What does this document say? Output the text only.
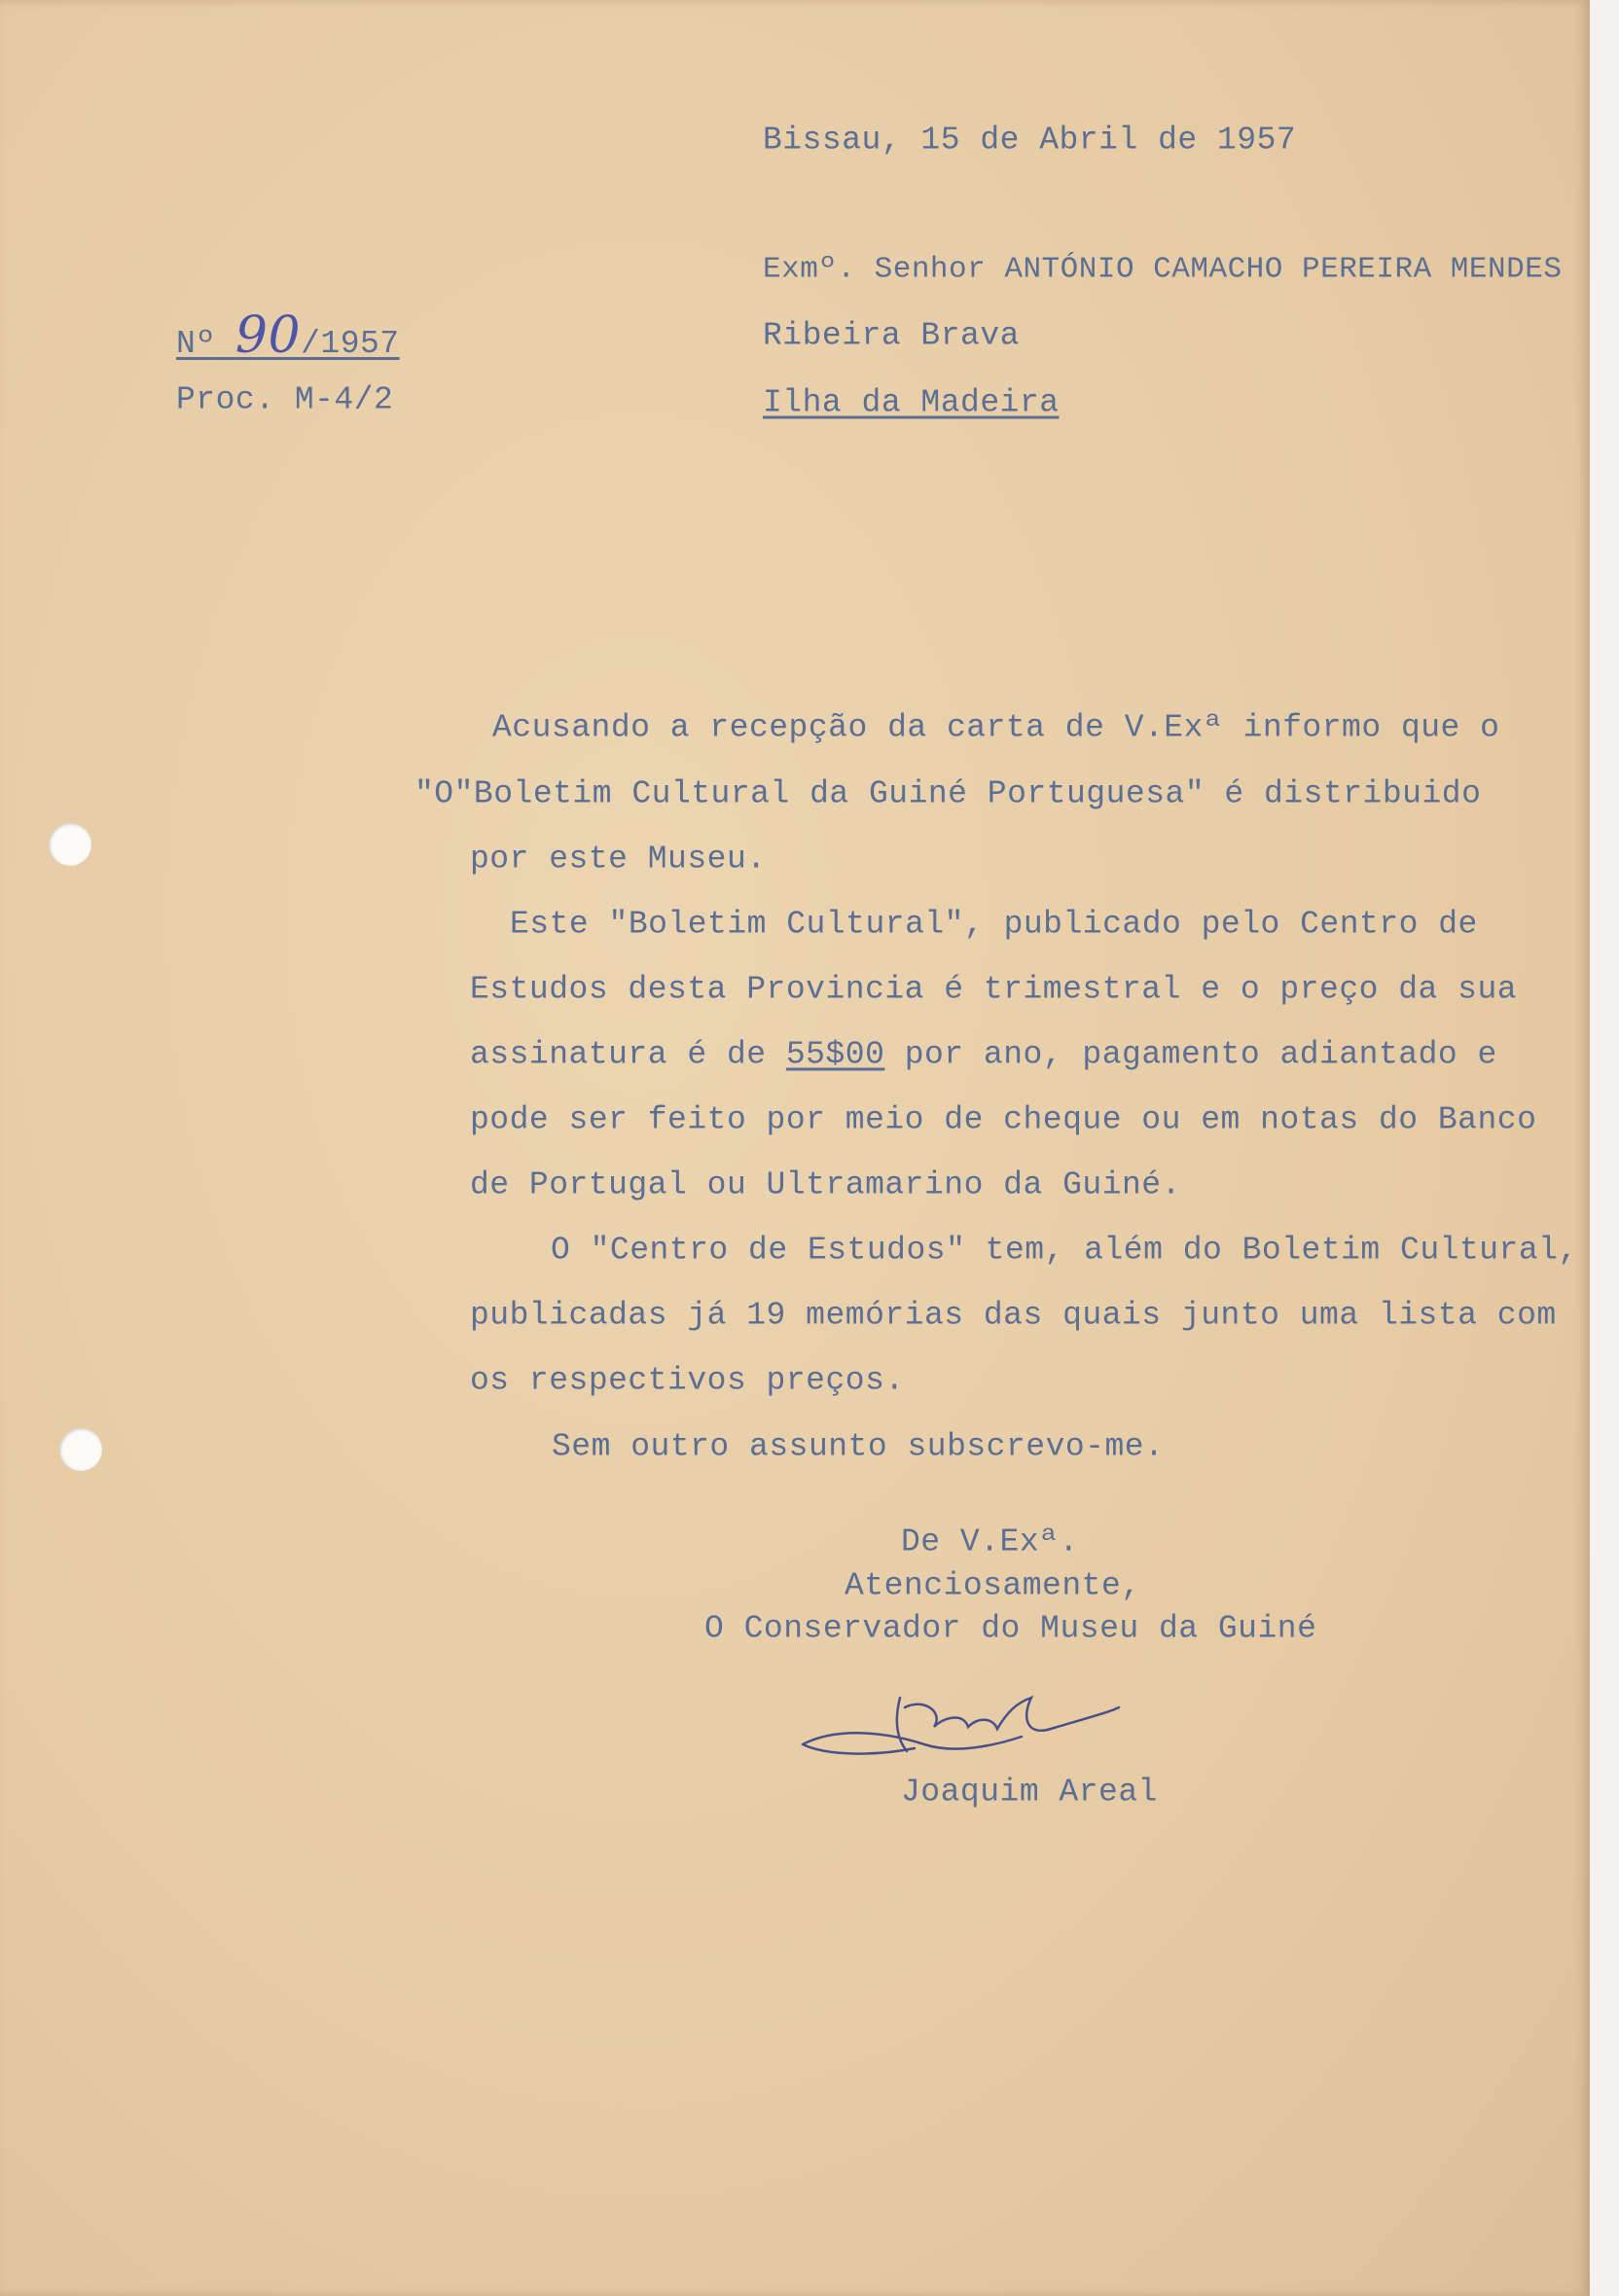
Bissau, 15 de Abril de 1957
Nº 90/1957
Proc. M-4/2
Exmº. Senhor ANTÓNIO CAMACHO PEREIRA MENDES
Ribeira Brava
Ilha da Madeira
Acusando a recepção da carta de V.Exª informo que o
"O"Boletim Cultural da Guiné Portuguesa" é distribuido
por este Museu.
Este "Boletim Cultural", publicado pelo Centro de
Estudos desta Provincia é trimestral e o preço da sua
assinatura é de 55$00 por ano, pagamento adiantado e
pode ser feito por meio de cheque ou em notas do Banco
de Portugal ou Ultramarino da Guiné.
O "Centro de Estudos" tem, além do Boletim Cultural,
publicadas já 19 memórias das quais junto uma lista com
os respectivos preços.
Sem outro assunto subscrevo-me.
De V.Exª.
Atenciosamente,
O Conservador do Museu da Guiné
Joaquim Areal
